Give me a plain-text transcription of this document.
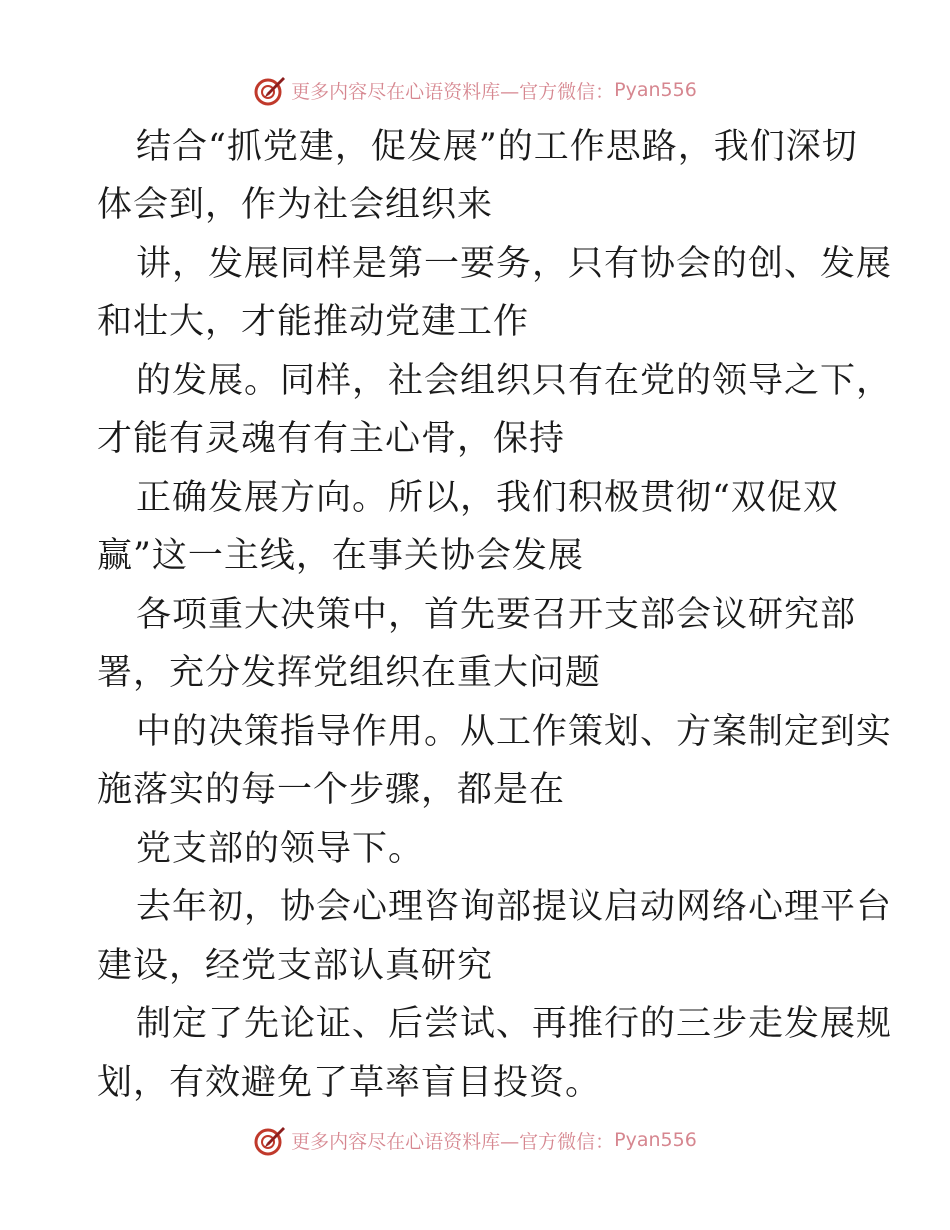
更多内容尽在心语资料库—官方微信： Pyan556
结合“抓党建，促发展”的工作思路，我们深切
体会到，作为社会组织来
讲，发展同样是第一要务，只有协会的创、发展
和壮大，才能推动党建工作
的发展。同样，社会组织只有在党的领导之下，
才能有灵魂有有主心骨，保持
正确发展方向。所以，我们积极贯彻“双促双
赢”这一主线，在事关协会发展
各项重大决策中，首先要召开支部会议研究部
署，充分发挥党组织在重大问题
中的决策指导作用。从工作策划、方案制定到实
施落实的每一个步骤，都是在
党支部的领导下。
去年初，协会心理咨询部提议启动网络心理平台
建设，经党支部认真研究
制定了先论证、后尝试、再推行的三步走发展规
划，有效避免了草率盲目投资。
更多内容尽在心语资料库—官方微信： Pyan556
